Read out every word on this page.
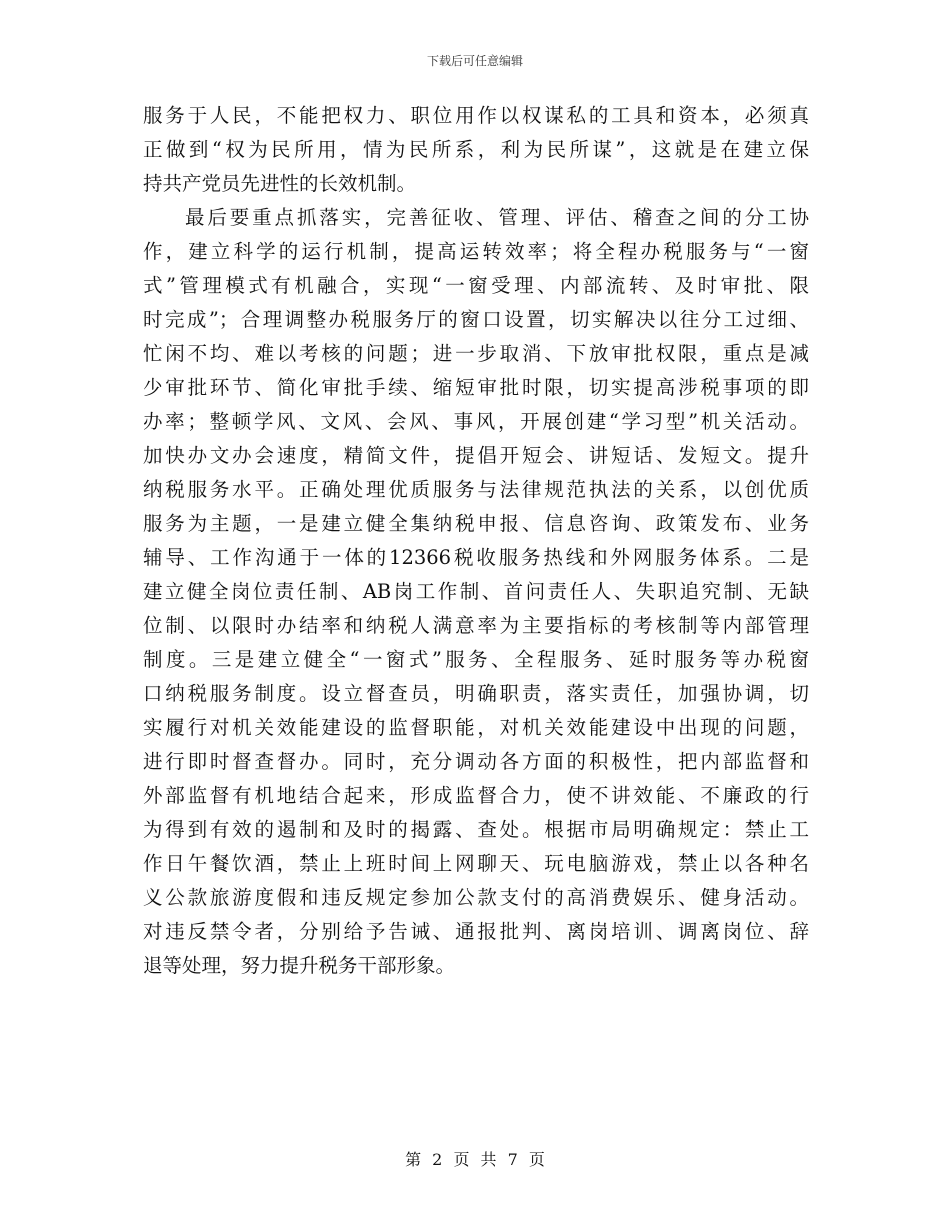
下载后可任意编辑
服务于人民，不能把权力、职位用作以权谋私的工具和资本，必须真
正做到“权为民所用，情为民所系，利为民所谋”，这就是在建立保
持共产党员先进性的长效机制。
最后要重点抓落实，完善征收、管理、评估、稽查之间的分工协
作，建立科学的运行机制，提高运转效率；将全程办税服务与“一窗
式”管理模式有机融合，实现“一窗受理、内部流转、及时审批、限
时完成”；合理调整办税服务厅的窗口设置，切实解决以往分工过细、
忙闲不均、难以考核的问题；进一步取消、下放审批权限，重点是减
少审批环节、简化审批手续、缩短审批时限，切实提高涉税事项的即
办率；整顿学风、文风、会风、事风，开展创建“学习型”机关活动。
加快办文办会速度，精简文件，提倡开短会、讲短话、发短文。提升
纳税服务水平。正确处理优质服务与法律规范执法的关系，以创优质
服务为主题，一是建立健全集纳税申报、信息咨询、政策发布、业务
辅导、工作沟通于一体的12366税收服务热线和外网服务体系。二是
建立健全岗位责任制、AB岗工作制、首问责任人、失职追究制、无缺
位制、以限时办结率和纳税人满意率为主要指标的考核制等内部管理
制度。三是建立健全“一窗式”服务、全程服务、延时服务等办税窗
口纳税服务制度。设立督查员，明确职责，落实责任，加强协调，切
实履行对机关效能建设的监督职能，对机关效能建设中出现的问题，
进行即时督查督办。同时，充分调动各方面的积极性，把内部监督和
外部监督有机地结合起来，形成监督合力，使不讲效能、不廉政的行
为得到有效的遏制和及时的揭露、查处。根据市局明确规定：禁止工
作日午餐饮酒，禁止上班时间上网聊天、玩电脑游戏，禁止以各种名
义公款旅游度假和违反规定参加公款支付的高消费娱乐、健身活动。
对违反禁令者，分别给予告诫、通报批判、离岗培训、调离岗位、辞
退等处理，努力提升税务干部形象。
第 2 页 共 7 页
